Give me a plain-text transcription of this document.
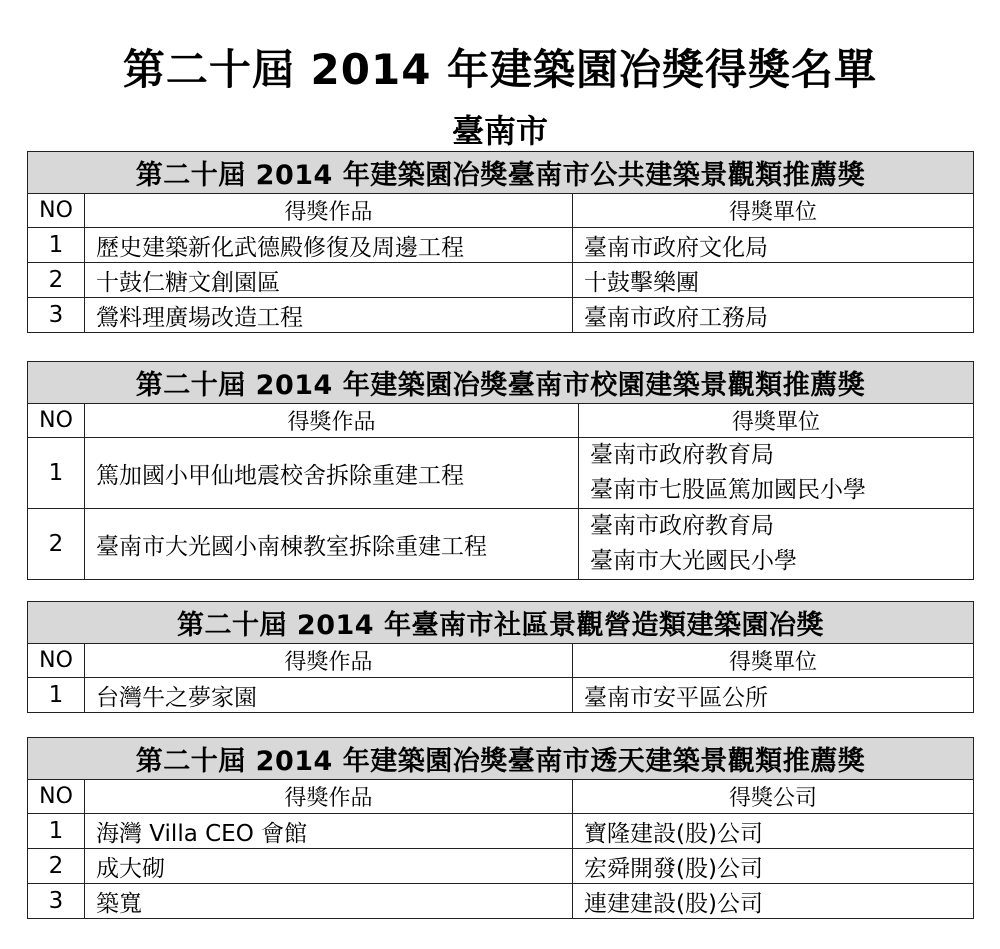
第二十屆 2014 年建築園冶獎得獎名單
臺南市
第二十屆 2014 年建築園冶獎臺南市公共建築景觀類推薦獎		
NO	得獎作品	得獎單位
1	歷史建築新化武德殿修復及周邊工程	臺南市政府文化局
2	十鼓仁糖文創園區	十鼓擊樂團
3	鶯料理廣場改造工程	臺南市政府工務局
第二十屆 2014 年建築園冶獎臺南市校園建築景觀類推薦獎		
NO	得獎作品	得獎單位
1	篤加國小甲仙地震校舍拆除重建工程	臺南市政府教育局
臺南市七股區篤加國民小學

2	臺南市大光國小南棟教室拆除重建工程	臺南市政府教育局
臺南市大光國民小學
第二十屆 2014 年臺南市社區景觀營造類建築園冶獎		
NO	得獎作品	得獎單位
1	台灣牛之夢家園	臺南市安平區公所
第二十屆 2014 年建築園冶獎臺南市透天建築景觀類推薦獎		
NO	得獎作品	得獎公司
1	海灣 Villa CEO 會館	寶隆建設(股)公司
2	成大砌	宏舜開發(股)公司
3	築寬	連建建設(股)公司
